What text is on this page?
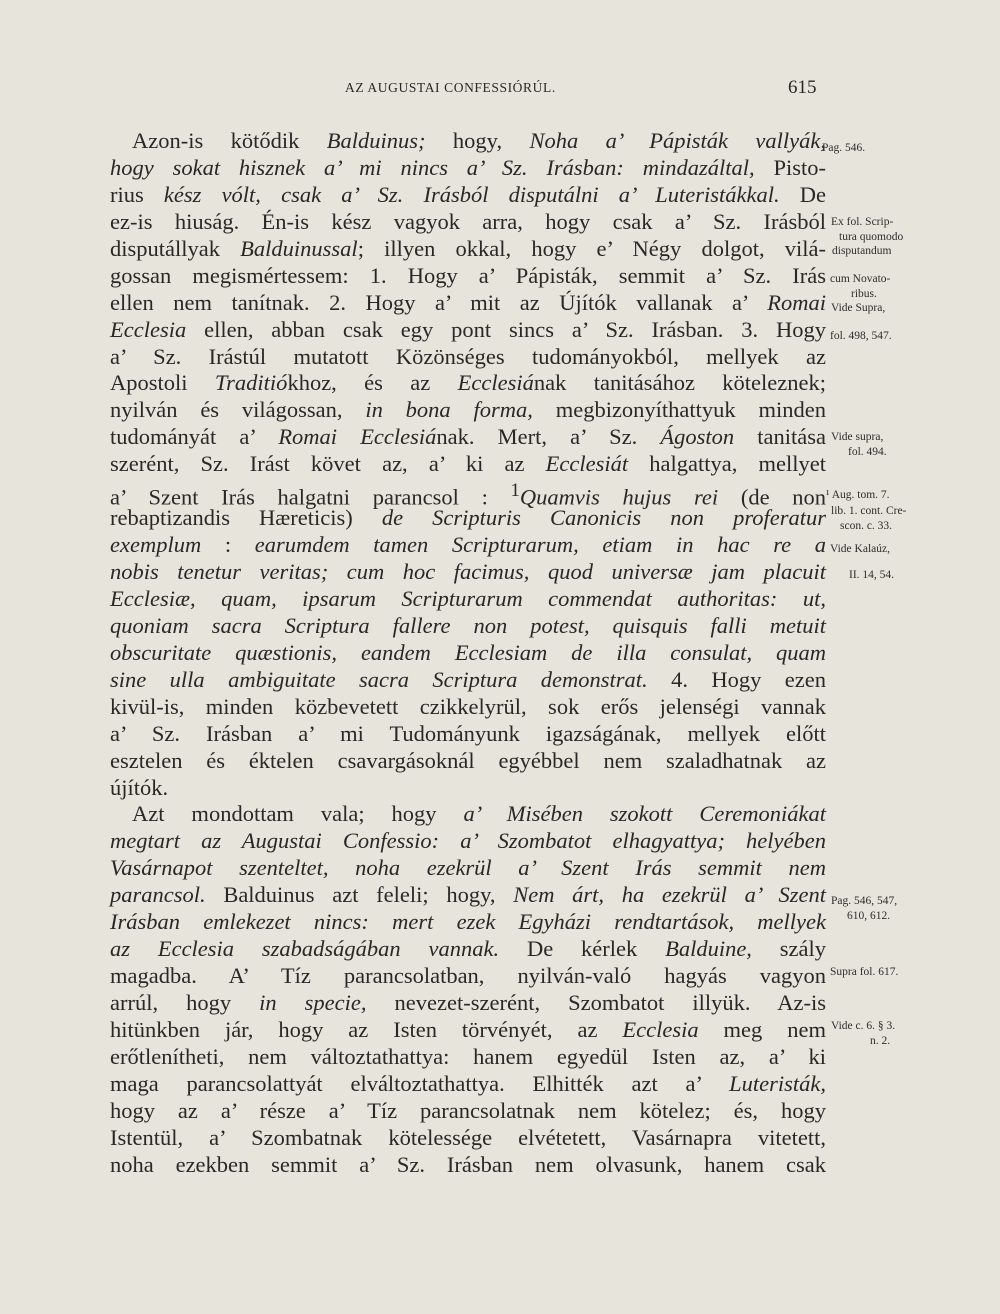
AZ AUGUSTAI CONFESSIÓRÚL.	615
Azon-is kötődik Balduinus; hogy, Noha a’ Pápisták vallyák,
hogy sokat hisznek a’ mi nincs a’ Sz. Irásban: mindazáltal, Pisto-
rius kész vólt, csak a’ Sz. Irásból disputálni a’ Luteristákkal. De
ez-is hiuság. Én-is kész vagyok arra, hogy csak a’ Sz. Irásból
disputállyak Balduinussal; illyen okkal, hogy e’ Négy dolgot, vilá-
gossan megismértessem: 1. Hogy a’ Pápisták, semmit a’ Sz. Irás
ellen nem tanítnak. 2. Hogy a’ mit az Újítók vallanak a’ Romai
Ecclesia ellen, abban csak egy pont sincs a’ Sz. Irásban. 3. Hogy
a’ Sz. Irástúl mutatott Közönséges tudományokból, mellyek az
Apostoli Traditiókhoz, és az Ecclesiának tanitásához köteleznek;
nyilván és világossan, in bona forma, megbizonyíthattyuk minden
tudományát a’ Romai Ecclesiának. Mert, a’ Sz. Ágoston tanitása
szerént, Sz. Irást követ az, a’ ki az Ecclesiát halgattya, mellyet
a’ Szent Irás halgatni parancsol : $^1$Quamvis hujus rei (de non
rebaptizandis Hæreticis) de Scripturis Canonicis non proferatur
exemplum : earumdem tamen Scripturarum, etiam in hac re a
nobis tenetur veritas; cum hoc facimus, quod universæ jam placuit
Ecclesiæ, quam, ipsarum Scripturarum commendat authoritas: ut,
quoniam sacra Scriptura fallere non potest, quisquis falli metuit
obscuritate quæstionis, eandem Ecclesiam de illa consulat, quam
sine ulla ambiguitate sacra Scriptura demonstrat. 4. Hogy ezen
kivül-is, minden közbevetett czikkelyrül, sok erős jelenségi vannak
a’ Sz. Irásban a’ mi Tudományunk igazságának, mellyek előtt
esztelen és éktelen csavargásoknál egyébbel nem szaladhatnak az
újítók.
Azt mondottam vala; hogy a’ Misében szokott Ceremoniákat
megtart az Augustai Confessio: a’ Szombatot elhagyattya; helyében
Vasárnapot szenteltet, noha ezekrül a’ Szent Irás semmit nem
parancsol. Balduinus azt feleli; hogy, Nem árt, ha ezekrül a’ Szent
Irásban emlekezet nincs: mert ezek Egyházi rendtartások, mellyek
az Ecclesia szabadságában vannak. De kérlek Balduine, szály
magadba. A’ Tíz parancsolatban, nyilván-való hagyás vagyon
arrúl, hogy in specie, nevezet-szerént, Szombatot illyük. Az-is
hitünkben jár, hogy az Isten törvényét, az Ecclesia meg nem
erőtlenítheti, nem változtathattya: hanem egyedül Isten az, a’ ki
maga parancsolattyát elváltoztathattya. Elhitték azt a’ Luteristák,
hogy az a’ része a’ Tíz parancsolatnak nem kötelez; és, hogy
Istentül, a’ Szombatnak kötelessége elvétetett, Vasárnapra vitetett,
noha ezekben semmit a’ Sz. Irásban nem olvasunk, hanem csak
Pag. 546.
Ex fol. Scrip-
tura quomodo
disputandum
cum Novato-
ribus.
Vide Supra,
fol. 498, 547.
Vide supra,
fol. 494.
¹ Aug. tom. 7.
lib. 1. cont. Cre-
scon. c. 33.
Vide Kalaúz,
II. 14, 54.
Pag. 546, 547,
610, 612.
Supra fol. 617.
Vide c. 6. § 3.
n. 2.
